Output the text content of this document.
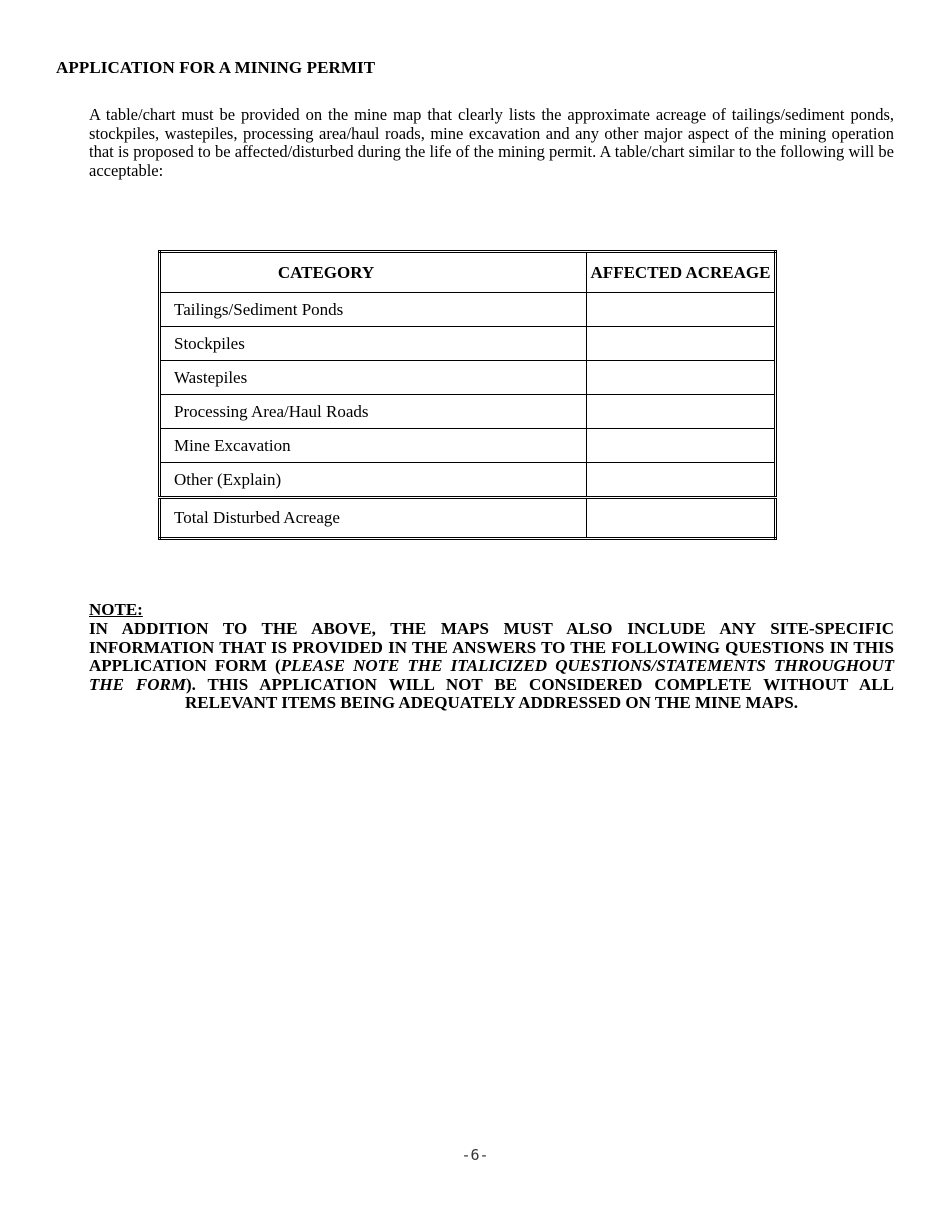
APPLICATION FOR A MINING PERMIT

A table/chart must be provided on the mine map that clearly lists the approximate acreage of tailings/sediment ponds, stockpiles, wastepiles, processing area/haul roads, mine excavation and any other major aspect of the mining operation that is proposed to be affected/disturbed during the life of the mining permit. A table/chart similar to the following will be acceptable:

CATEGORY	AFFECTED ACREAGE
Tailings/Sediment Ponds	
Stockpiles	
Wastepiles	
Processing Area/Haul Roads	
Mine Excavation	
Other (Explain)	
Total Disturbed Acreage	
NOTE:

IN ADDITION TO THE ABOVE, THE MAPS MUST ALSO INCLUDE ANY SITE-SPECIFIC INFORMATION THAT IS PROVIDED IN THE ANSWERS TO THE FOLLOWING QUESTIONS IN THIS APPLICATION FORM (PLEASE NOTE THE ITALICIZED QUESTIONS/STATEMENTS THROUGHOUT THE FORM). THIS APPLICATION WILL NOT BE CONSIDERED COMPLETE WITHOUT ALL RELEVANT ITEMS BEING ADEQUATELY ADDRESSED ON THE MINE MAPS.

-6-
